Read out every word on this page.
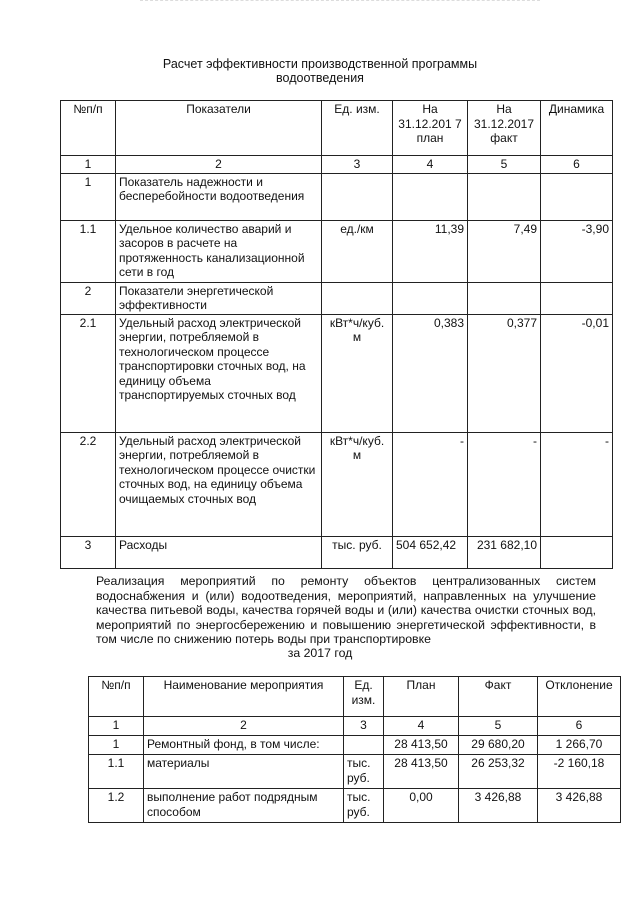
Расчет эффективности производственной программы
водоотведения
№п/п	Показатели	Ед. изм.	На 31.12.201 7 план	На 31.12.2017 факт	Динамика
1	2	3	4	5	6
1	Показатель надежности и бесперебойности водоотведения				
1.1	Удельное количество аварий и засоров в расчете на протяженность канализационной сети в год	ед./км	11,39	7,49	-3,90
2	Показатели энергетической эффективности				
2.1	Удельный расход электрической энергии, потребляемой в технологическом процессе транспортировки сточных вод, на единицу объема транспортируемых сточных вод	кВт*ч/куб. м	0,383	0,377	-0,01
2.2	Удельный расход электрической энергии, потребляемой в технологическом процессе очистки сточных вод, на единицу объема очищаемых сточных вод	кВт*ч/куб. м	-	-	-
3	Расходы	тыс. руб.	504 652,42	231 682,10	
Реализация мероприятий по ремонту объектов централизованных систем водоснабжения и (или) водоотведения, мероприятий, направленных на улучшение качества питьевой воды, качества горячей воды и (или) качества очистки сточных вод, мероприятий по энергосбережению и повышению энергетической эффективности, в том числе по снижению потерь воды при транспортировке
за 2017 год
№п/п	Наименование мероприятия	Ед. изм.	План	Факт	Отклонение
1	2	3	4	5	6
1	Ремонтный фонд, в том числе:		28 413,50	29 680,20	1 266,70
1.1	материалы	тыс. руб.	28 413,50	26 253,32	-2 160,18
1.2	выполнение работ подрядным способом	тыс. руб.	0,00	3 426,88	3 426,88
